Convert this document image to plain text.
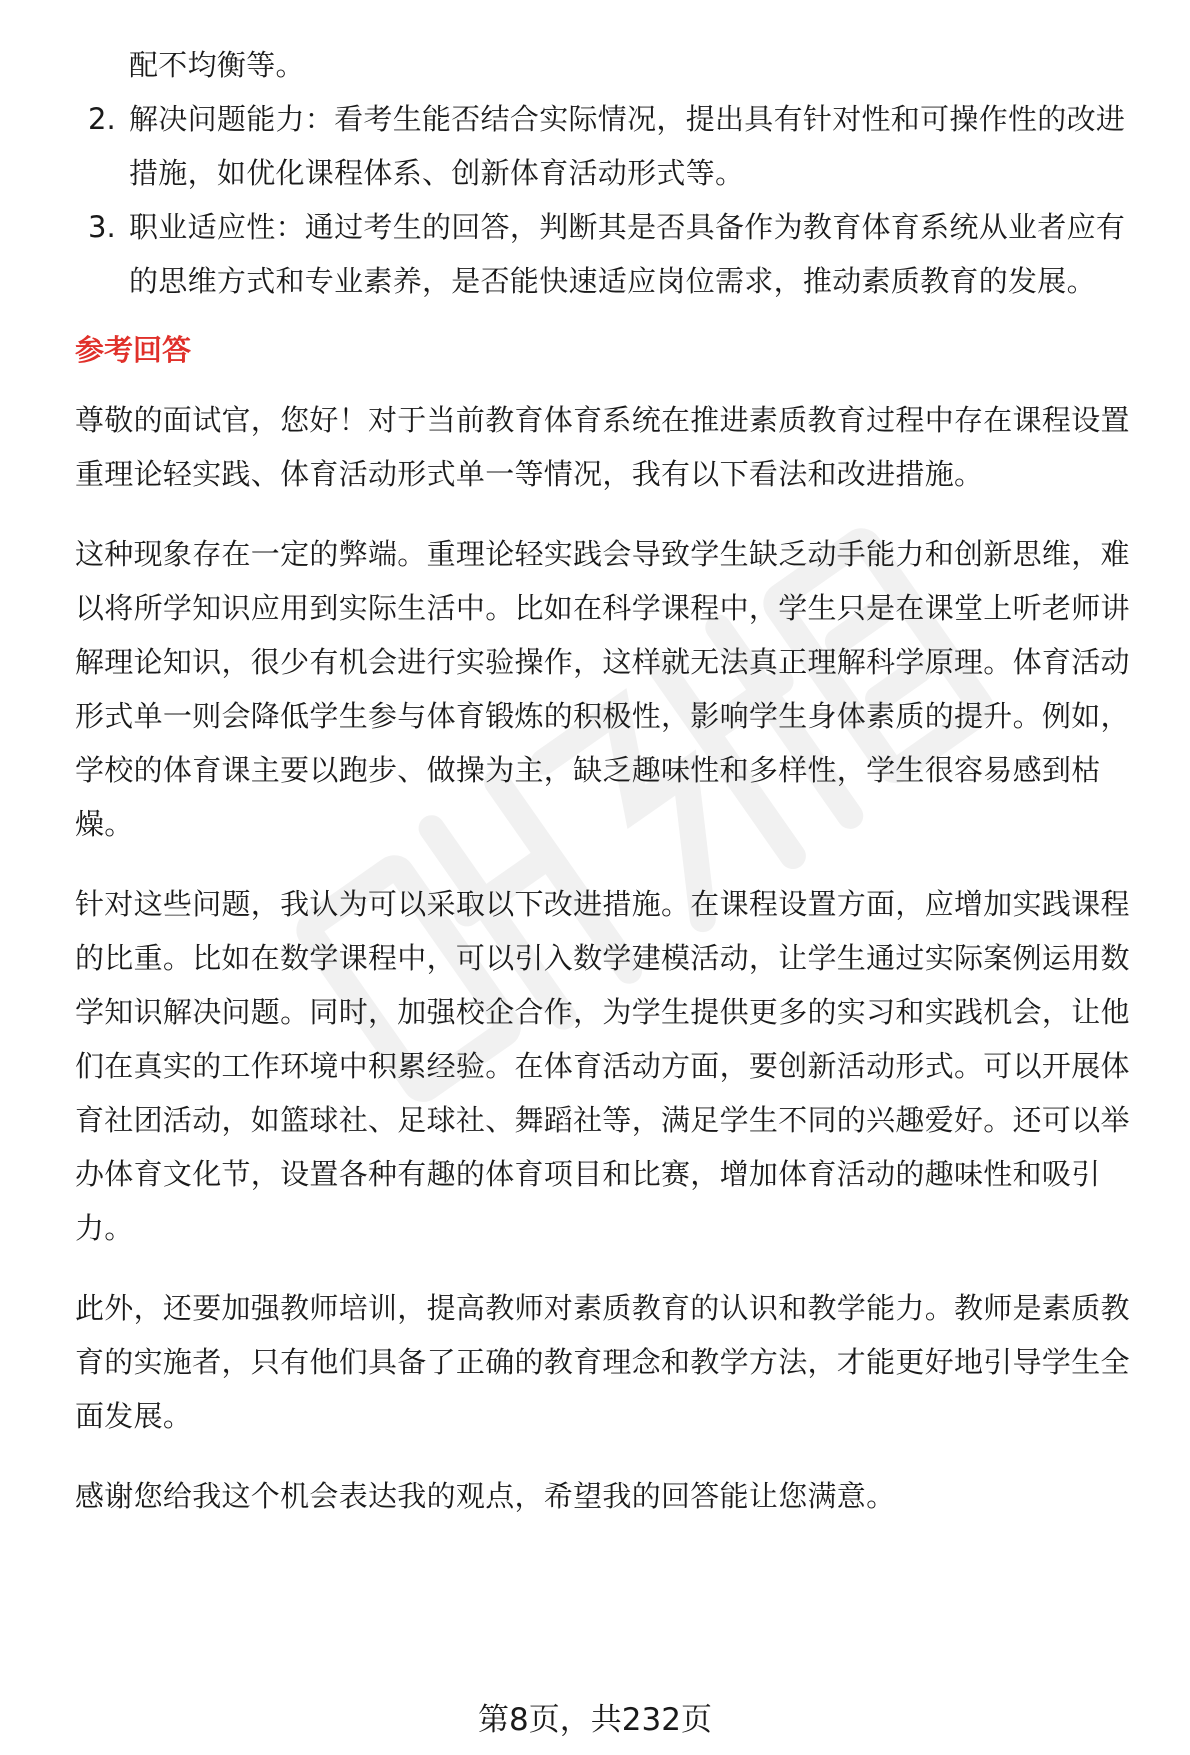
配不均衡等。
2. 解决问题能力：看考生能否结合实际情况，提出具有针对性和可操作性的改进
措施，如优化课程体系、创新体育活动形式等。
3. 职业适应性：通过考生的回答，判断其是否具备作为教育体育系统从业者应有
的思维方式和专业素养，是否能快速适应岗位需求，推动素质教育的发展。
参考回答
尊敬的面试官，您好！对于当前教育体育系统在推进素质教育过程中存在课程设置
重理论轻实践、体育活动形式单一等情况，我有以下看法和改进措施。
这种现象存在一定的弊端。重理论轻实践会导致学生缺乏动手能力和创新思维，难
以将所学知识应用到实际生活中。比如在科学课程中，学生只是在课堂上听老师讲
解理论知识，很少有机会进行实验操作，这样就无法真正理解科学原理。体育活动
形式单一则会降低学生参与体育锻炼的积极性，影响学生身体素质的提升。例如，
学校的体育课主要以跑步、做操为主，缺乏趣味性和多样性，学生很容易感到枯
燥。
针对这些问题，我认为可以采取以下改进措施。在课程设置方面，应增加实践课程
的比重。比如在数学课程中，可以引入数学建模活动，让学生通过实际案例运用数
学知识解决问题。同时，加强校企合作，为学生提供更多的实习和实践机会，让他
们在真实的工作环境中积累经验。在体育活动方面，要创新活动形式。可以开展体
育社团活动，如篮球社、足球社、舞蹈社等，满足学生不同的兴趣爱好。还可以举
办体育文化节，设置各种有趣的体育项目和比赛，增加体育活动的趣味性和吸引
力。
此外，还要加强教师培训，提高教师对素质教育的认识和教学能力。教师是素质教
育的实施者，只有他们具备了正确的教育理念和教学方法，才能更好地引导学生全
面发展。
感谢您给我这个机会表达我的观点，希望我的回答能让您满意。
第8页，共232页
